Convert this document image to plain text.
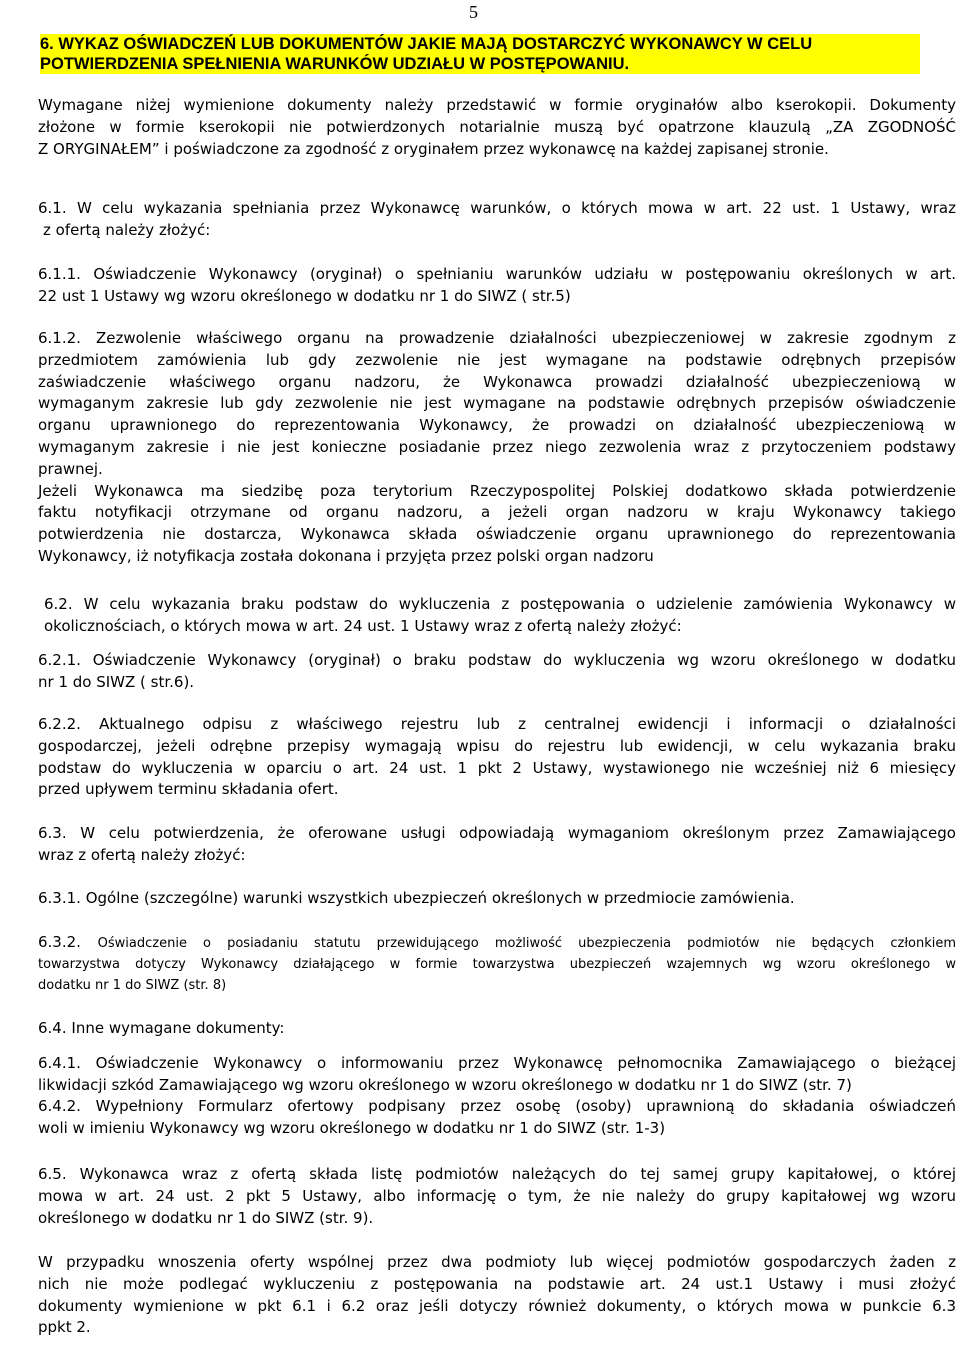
5
6. WYKAZ OŚWIADCZEŃ LUB DOKUMENTÓW JAKIE MAJĄ DOSTARCZYĆ WYKONAWCY W CELU
POTWIERDZENIA SPEŁNIENIA WARUNKÓW UDZIAŁU W POSTĘPOWANIU.
Wymagane niżej wymienione dokumenty należy przedstawić w formie oryginałów albo kserokopii. Dokumenty
złożone w formie kserokopii nie potwierdzonych notarialnie muszą być opatrzone klauzulą „ZA ZGODNOŚĆ
Z ORYGINAŁEM” i poświadczone za zgodność z oryginałem przez wykonawcę na każdej zapisanej stronie.
6.1. W celu wykazania spełniania przez Wykonawcę warunków, o których mowa w art. 22 ust. 1 Ustawy, wraz
z ofertą należy złożyć:
6.1.1. Oświadczenie Wykonawcy (oryginał) o spełnianiu warunków udziału w postępowaniu określonych w art.
22 ust 1 Ustawy wg wzoru określonego w dodatku nr 1 do SIWZ ( str.5)
6.1.2. Zezwolenie właściwego organu na prowadzenie działalności ubezpieczeniowej w zakresie zgodnym z
przedmiotem zamówienia lub gdy zezwolenie nie jest wymagane na podstawie odrębnych przepisów
zaświadczenie właściwego organu nadzoru, że Wykonawca prowadzi działalność ubezpieczeniową w
wymaganym zakresie lub gdy zezwolenie nie jest wymagane na podstawie odrębnych przepisów oświadczenie
organu uprawnionego do reprezentowania Wykonawcy, że prowadzi on działalność ubezpieczeniową w
wymaganym zakresie i nie jest konieczne posiadanie przez niego zezwolenia wraz z przytoczeniem podstawy
prawnej.
Jeżeli Wykonawca ma siedzibę poza terytorium Rzeczypospolitej Polskiej dodatkowo składa potwierdzenie
faktu notyfikacji otrzymane od organu nadzoru, a jeżeli organ nadzoru w kraju Wykonawcy takiego
potwierdzenia nie dostarcza, Wykonawca składa oświadczenie organu uprawnionego do reprezentowania
Wykonawcy, iż notyfikacja została dokonana i przyjęta przez polski organ nadzoru
6.2. W celu wykazania braku podstaw do wykluczenia z postępowania o udzielenie zamówienia Wykonawcy w
okolicznościach, o których mowa w art. 24 ust. 1 Ustawy wraz z ofertą należy złożyć:
6.2.1. Oświadczenie Wykonawcy (oryginał) o braku podstaw do wykluczenia wg wzoru określonego w dodatku
nr 1 do SIWZ ( str.6).
6.2.2. Aktualnego odpisu z właściwego rejestru lub z centralnej ewidencji i informacji o działalności
gospodarczej, jeżeli odrębne przepisy wymagają wpisu do rejestru lub ewidencji, w celu wykazania braku
podstaw do wykluczenia w oparciu o art. 24 ust. 1 pkt 2 Ustawy, wystawionego nie wcześniej niż 6 miesięcy
przed upływem terminu składania ofert.
6.3. W celu potwierdzenia, że oferowane usługi odpowiadają wymaganiom określonym przez Zamawiającego
wraz z ofertą należy złożyć:
6.3.1. Ogólne (szczególne) warunki wszystkich ubezpieczeń określonych w przedmiocie zamówienia.
6.3.2. Oświadczenie o posiadaniu statutu przewidującego możliwość ubezpieczenia podmiotów nie będących członkiem
towarzystwa dotyczy Wykonawcy działającego w formie towarzystwa ubezpieczeń wzajemnych wg wzoru określonego w
dodatku nr 1 do SIWZ (str. 8)
6.4. Inne wymagane dokumenty:
6.4.1. Oświadczenie Wykonawcy o informowaniu przez Wykonawcę pełnomocnika Zamawiającego o bieżącej
likwidacji szkód Zamawiającego wg wzoru określonego w wzoru określonego w dodatku nr 1 do SIWZ (str. 7)
6.4.2. Wypełniony Formularz ofertowy podpisany przez osobę (osoby) uprawnioną do składania oświadczeń
woli w imieniu Wykonawcy wg wzoru określonego w dodatku nr 1 do SIWZ (str. 1-3)
6.5. Wykonawca wraz z ofertą składa listę podmiotów należących do tej samej grupy kapitałowej, o której
mowa w art. 24 ust. 2 pkt 5 Ustawy, albo informację o tym, że nie należy do grupy kapitałowej wg wzoru
określonego w dodatku nr 1 do SIWZ (str. 9).
W przypadku wnoszenia oferty wspólnej przez dwa podmioty lub więcej podmiotów gospodarczych żaden z
nich nie może podlegać wykluczeniu z postępowania na podstawie art. 24 ust.1 Ustawy i musi złożyć
dokumenty wymienione w pkt 6.1 i 6.2 oraz jeśli dotyczy również dokumenty, o których mowa w punkcie 6.3
ppkt 2.
